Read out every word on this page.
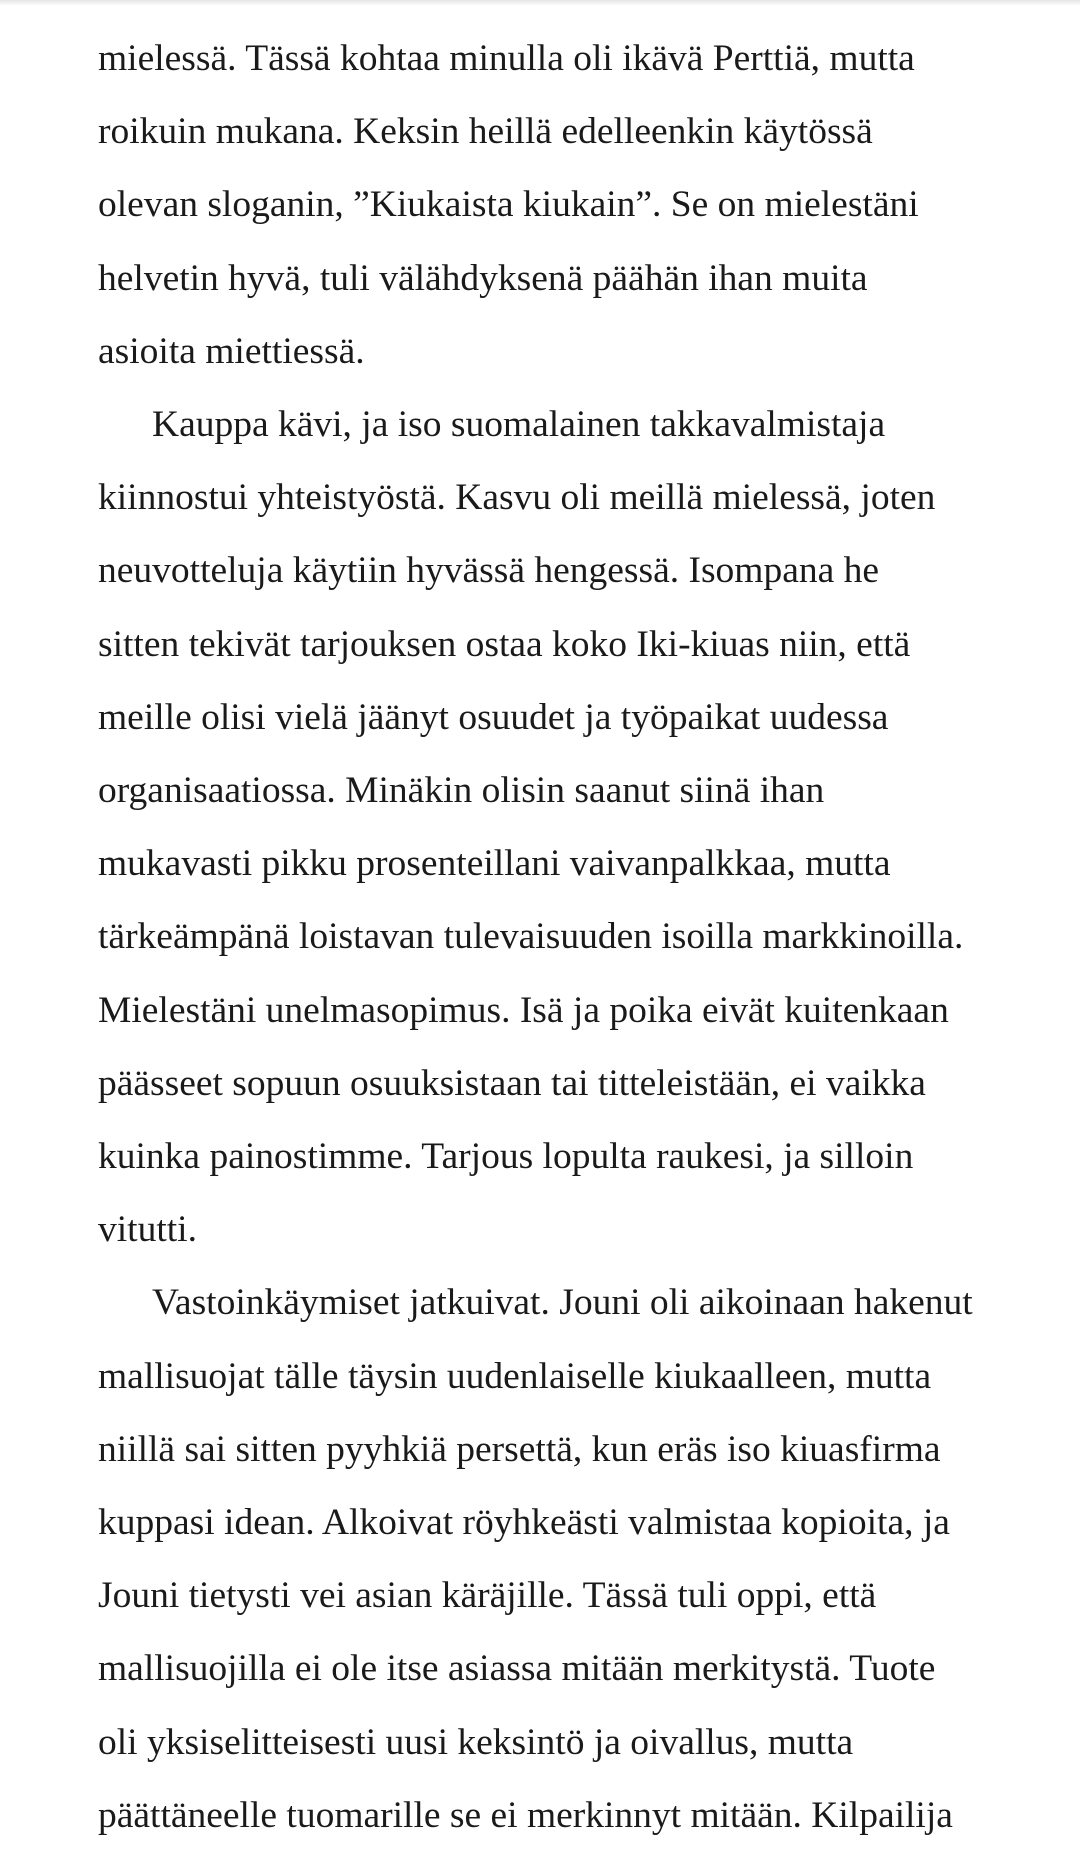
mielessä. Tässä kohtaa minulla oli ikävä Perttiä, mutta
roikuin mukana. Keksin heillä edelleenkin käytössä
olevan sloganin, ”Kiukaista kiukain”. Se on mielestäni
helvetin hyvä, tuli välähdyksenä päähän ihan muita
asioita miettiessä.
Kauppa kävi, ja iso suomalainen takkavalmistaja
kiinnostui yhteistyöstä. Kasvu oli meillä mielessä, joten
neuvotteluja käytiin hyvässä hengessä. Isompana he
sitten tekivät tarjouksen ostaa koko Iki-kiuas niin, että
meille olisi vielä jäänyt osuudet ja työpaikat uudessa
organisaatiossa. Minäkin olisin saanut siinä ihan
mukavasti pikku prosenteillani vaivanpalkkaa, mutta
tärkeämpänä loistavan tulevaisuuden isoilla markkinoilla.
Mielestäni unelmasopimus. Isä ja poika eivät kuitenkaan
päässeet sopuun osuuksistaan tai titteleistään, ei vaikka
kuinka painostimme. Tarjous lopulta raukesi, ja silloin
vitutti.
Vastoinkäymiset jatkuivat. Jouni oli aikoinaan hakenut
mallisuojat tälle täysin uudenlaiselle kiukaalleen, mutta
niillä sai sitten pyyhkiä persettä, kun eräs iso kiuasfirma
kuppasi idean. Alkoivat röyhkeästi valmistaa kopioita, ja
Jouni tietysti vei asian käräjille. Tässä tuli oppi, että
mallisuojilla ei ole itse asiassa mitään merkitystä. Tuote
oli yksiselitteisesti uusi keksintö ja oivallus, mutta
päättäneelle tuomarille se ei merkinnyt mitään. Kilpailija
